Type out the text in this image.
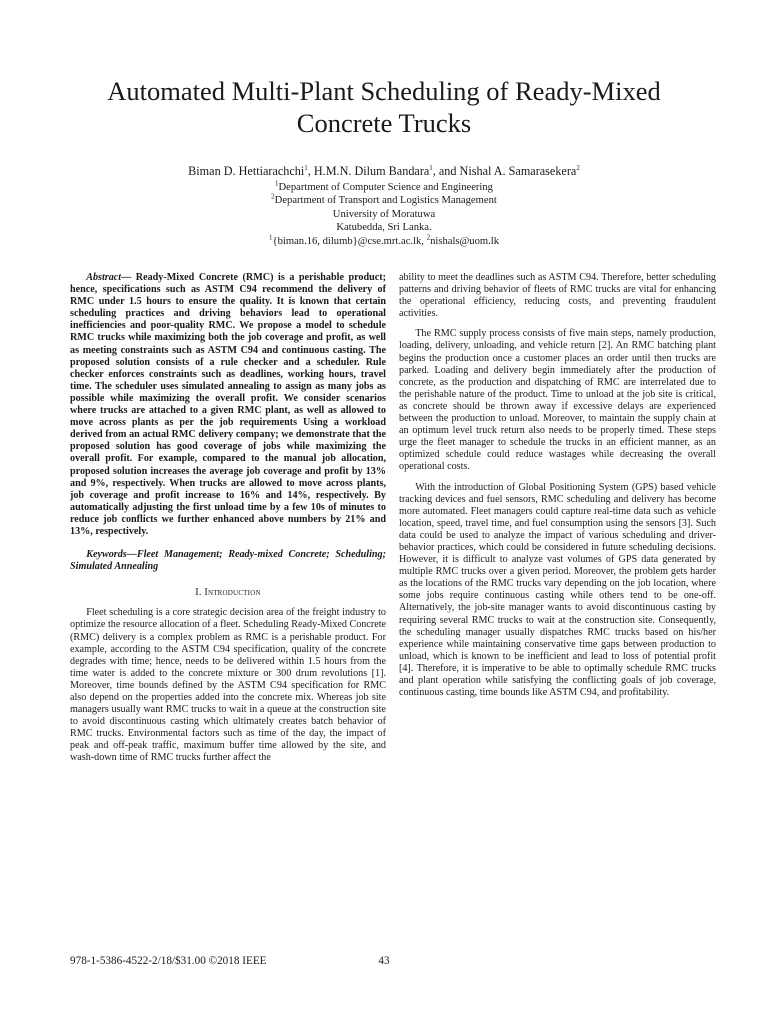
Automated Multi-Plant Scheduling of Ready-Mixed
Concrete Trucks
Biman D. Hettiarachchi$^1$, H.M.N. Dilum Bandara$^1$, and Nishal A. Samarasekera$^2$
$^1$Department of Computer Science and Engineering
$^2$Department of Transport and Logistics Management
University of Moratuwa
Katubedda, Sri Lanka.
$^1${biman.16, dilumb}@cse.mrt.ac.lk, $^2$nishals@uom.lk

Abstract— Ready-Mixed Concrete (RMC) is a perishable product; hence, specifications such as ASTM C94 recommend the delivery of RMC under 1.5 hours to ensure the quality. It is known that certain scheduling practices and driving behaviors lead to operational inefficiencies and poor-quality RMC. We propose a model to schedule RMC trucks while maximizing both the job coverage and profit, as well as meeting constraints such as ASTM C94 and continuous casting. The proposed solution consists of a rule checker and a scheduler. Rule checker enforces constraints such as deadlines, working hours, travel time. The scheduler uses simulated annealing to assign as many jobs as possible while maximizing the overall profit. We consider scenarios where trucks are attached to a given RMC plant, as well as allowed to move across plants as per the job requirements Using a workload derived from an actual RMC delivery company; we demonstrate that the proposed solution has good coverage of jobs while maximizing the overall profit. For example, compared to the manual job allocation, proposed solution increases the average job coverage and profit by 13% and 9%, respectively. When trucks are allowed to move across plants, job coverage and profit increase to 16% and 14%, respectively. By automatically adjusting the first unload time by a few 10s of minutes to reduce job conflicts we further enhanced above numbers by 21% and 13%, respectively.

Keywords—Fleet Management; Ready-mixed Concrete; Scheduling; Simulated Annealing

I. Introduction

Fleet scheduling is a core strategic decision area of the freight industry to optimize the resource allocation of a fleet. Scheduling Ready-Mixed Concrete (RMC) delivery is a complex problem as RMC is a perishable product. For example, according to the ASTM C94 specification, quality of the concrete degrades with time; hence, needs to be delivered within 1.5 hours from the time water is added to the concrete mixture or 300 drum revolutions [1]. Moreover, time bounds defined by the ASTM C94 specification for RMC also depend on the properties added into the concrete mix. Whereas job site managers usually want RMC trucks to wait in a queue at the construction site to avoid discontinuous casting which ultimately creates batch behavior of RMC trucks. Environmental factors such as time of the day, the impact of peak and off-peak traffic, maximum buffer time allowed by the site, and wash-down time of RMC trucks further affect the

ability to meet the deadlines such as ASTM C94. Therefore, better scheduling patterns and driving behavior of fleets of RMC trucks are vital for enhancing the operational efficiency, reducing costs, and preventing fraudulent activities.

The RMC supply process consists of five main steps, namely production, loading, delivery, unloading, and vehicle return [2]. An RMC batching plant begins the production once a customer places an order until then trucks are parked. Loading and delivery begin immediately after the production of concrete, as the production and dispatching of RMC are interrelated due to the perishable nature of the product. Time to unload at the job site is critical, as concrete should be thrown away if excessive delays are experienced between the production to unload. Moreover, to maintain the supply chain at an optimum level truck return also needs to be properly timed. These steps urge the fleet manager to schedule the trucks in an efficient manner, as an optimized schedule could reduce wastages while decreasing the overall operational costs.

With the introduction of Global Positioning System (GPS) based vehicle tracking devices and fuel sensors, RMC scheduling and delivery has become more automated. Fleet managers could capture real-time data such as vehicle location, speed, travel time, and fuel consumption using the sensors [3]. Such data could be used to analyze the impact of various scheduling and driver-behavior practices, which could be considered in future scheduling decisions. However, it is difficult to analyze vast volumes of GPS data generated by multiple RMC trucks over a given period. Moreover, the problem gets harder as the locations of the RMC trucks vary depending on the job location, where some jobs require continuous casting while others tend to be one-off. Alternatively, the job-site manager wants to avoid discontinuous casting by requiring several RMC trucks to wait at the construction site. Consequently, the scheduling manager usually dispatches RMC trucks based on his/her experience while maintaining conservative time gaps between production to unload, which is known to be inefficient and lead to loss of potential profit [4]. Therefore, it is imperative to be able to optimally schedule RMC trucks and plant operation while satisfying the conflicting goals of job coverage, continuous casting, time bounds like ASTM C94, and profitability.

978-1-5386-4522-2/18/$31.00 ©2018 IEEE	43
